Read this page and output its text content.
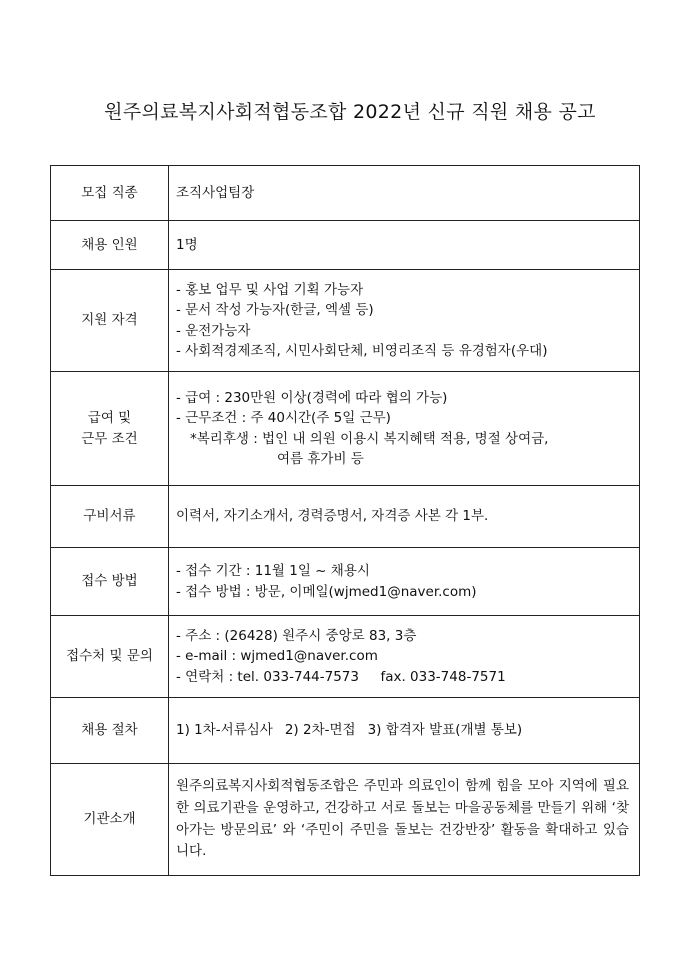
원주의료복지사회적협동조합 2022년 신규 직원 채용 공고
모집 직종	조직사업팀장

채용 인원	1명

지원 자격	- 홍보 업무 및 사업 기획 가능자
- 문서 작성 가능자(한글, 엑셀 등)
- 운전가능자
- 사회적경제조직, 시민사회단체, 비영리조직 등 유경험자(우대)

급여 및
근무 조건	- 급여 : 230만원 이상(경력에 따라 협의 가능)
- 근무조건 : 주 40시간(주 5일 근무)
*복리후생 : 법인 내 의원 이용시 복지혜택 적용, 명절 상여금,
여름 휴가비 등

구비서류	이력서, 자기소개서, 경력증명서, 자격증 사본 각 1부.

접수 방법	- 접수 기간 : 11월 1일 ~ 채용시
- 접수 방법 : 방문, 이메일(wjmed1@naver.com)

접수처 및 문의	- 주소 : (26428) 원주시 중앙로 83, 3층
- e-mail : wjmed1@naver.com
- 연락처 : tel. 033-744-7573     fax. 033-748-7571

채용 절차	1) 1차-서류심사 2) 2차-면접 3) 합격자 발표(개별 통보)
기관소개	원주의료복지사회적협동조합은 주민과 의료인이 함께 힘을 모아 지역에 필요한 의료기관을 운영하고, 건강하고 서로 돌보는 마을공동체를 만들기 위해 ‘찾아가는 방문의료’ 와 ‘주민이 주민을 돌보는 건강반장’ 활동을 확대하고 있습니다.
